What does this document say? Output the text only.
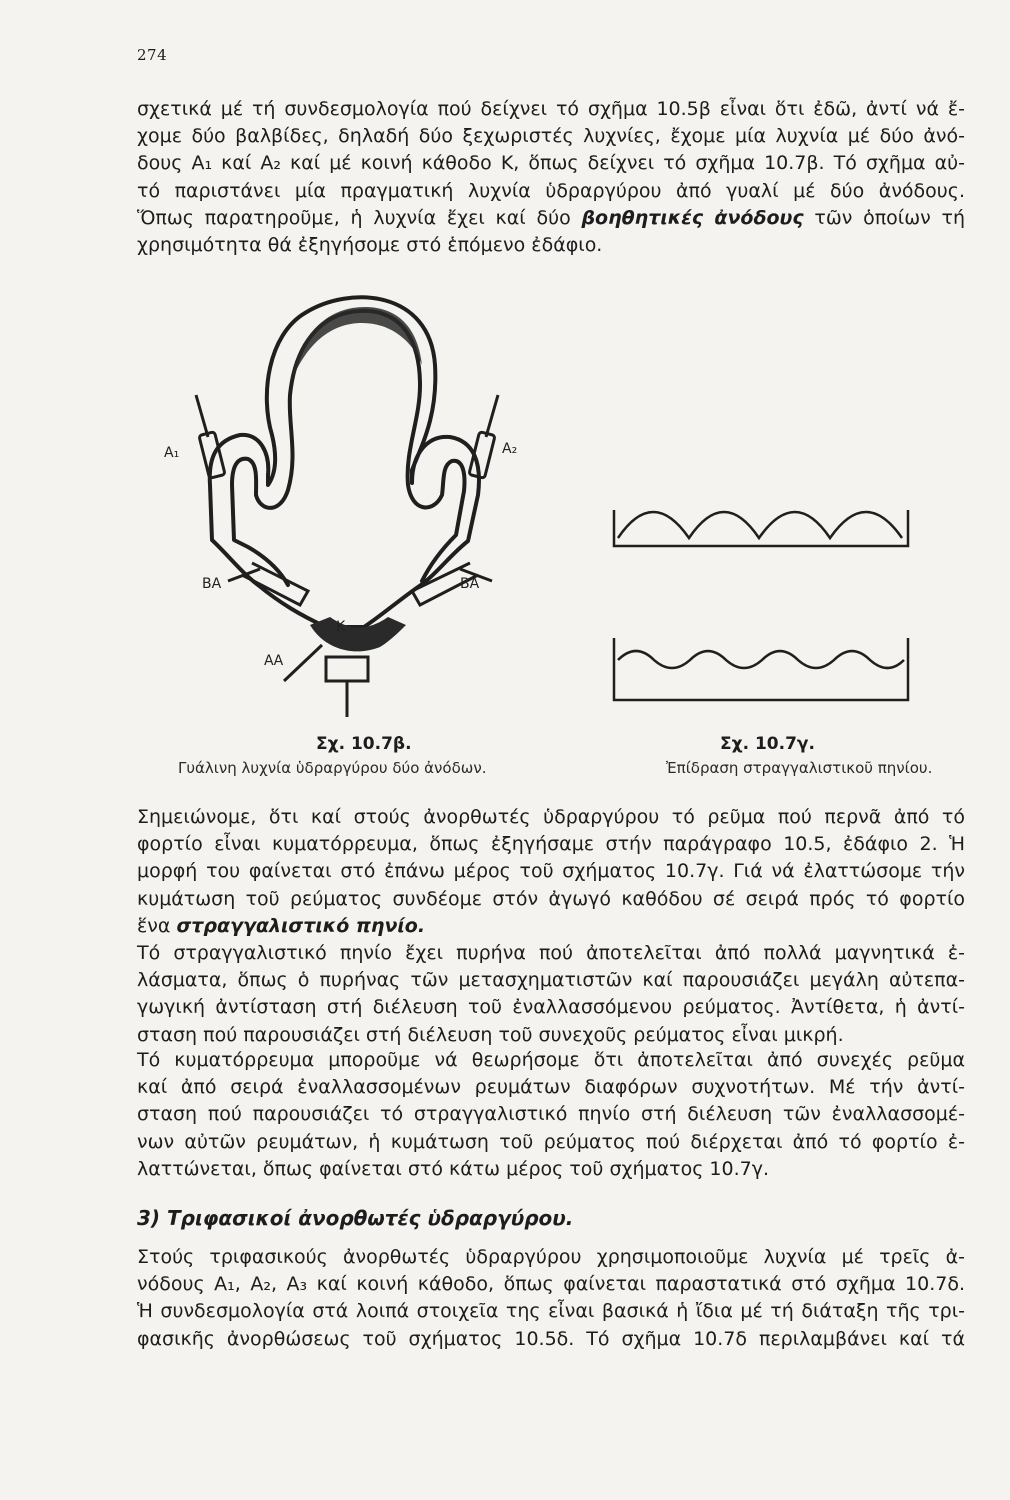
274
σχετικά μέ τή συνδεσμολογία πού δείχνει τό σχῆμα 10.5β εἶναι ὅτι ἐδῶ, ἀντί νά ἔ-
χομε δύο βαλβίδες, δηλαδή δύο ξεχωριστές λυχνίες, ἔχομε μία λυχνία μέ δύο ἀνό-
δους Α₁ καί Α₂ καί μέ κοινή κάθοδο Κ, ὅπως δείχνει τό σχῆμα 10.7β. Τό σχῆμα αὐ-
τό παριστάνει μία πραγματική λυχνία ὑδραργύρου ἀπό γυαλί μέ δύο ἀνόδους.
Ὅπως παρατηροῦμε, ἡ λυχνία ἔχει καί δύο βοηθητικές ἀνόδους τῶν ὁποίων τή
χρησιμότητα θά ἐξηγήσομε στό ἑπόμενο ἐδάφιο.
Α₁	Α₂
ΒΑ	ΒΑ
Κ
ΑΑ
Σχ. 10.7β.
Γυάλινη λυχνία ὑδραργύρου δύο ἀνόδων.
Σχ. 10.7γ.
Ἐπίδραση στραγγαλιστικοῦ πηνίου.
Σημειώνομε, ὅτι καί στούς ἀνορθωτές ὑδραργύρου τό ρεῦμα πού περνᾶ ἀπό τό
φορτίο εἶναι κυματόρρευμα, ὅπως ἐξηγήσαμε στήν παράγραφο 10.5, ἐδάφιο 2. Ἡ
μορφή του φαίνεται στό ἐπάνω μέρος τοῦ σχήματος 10.7γ. Γιά νά ἐλαττώσομε τήν
κυμάτωση τοῦ ρεύματος συνδέομε στόν ἀγωγό καθόδου σέ σειρά πρός τό φορτίο
ἕνα στραγγαλιστικό πηνίο.
Τό στραγγαλιστικό πηνίο ἔχει πυρήνα πού ἀποτελεῖται ἀπό πολλά μαγνητικά ἐ-
λάσματα, ὅπως ὁ πυρήνας τῶν μετασχηματιστῶν καί παρουσιάζει μεγάλη αὐτεπα-
γωγική ἀντίσταση στή διέλευση τοῦ ἐναλλασσόμενου ρεύματος. Ἀντίθετα, ἡ ἀντί-
σταση πού παρουσιάζει στή διέλευση τοῦ συνεχοῦς ρεύματος εἶναι μικρή.
Τό κυματόρρευμα μποροῦμε νά θεωρήσομε ὅτι ἀποτελεῖται ἀπό συνεχές ρεῦμα
καί ἀπό σειρά ἐναλλασσομένων ρευμάτων διαφόρων συχνοτήτων. Μέ τήν ἀντί-
σταση πού παρουσιάζει τό στραγγαλιστικό πηνίο στή διέλευση τῶν ἐναλλασσομέ-
νων αὐτῶν ρευμάτων, ἡ κυμάτωση τοῦ ρεύματος πού διέρχεται ἀπό τό φορτίο ἐ-
λαττώνεται, ὅπως φαίνεται στό κάτω μέρος τοῦ σχήματος 10.7γ.
3) Τριφασικοί ἀνορθωτές ὑδραργύρου.
Στούς τριφασικούς ἀνορθωτές ὑδραργύρου χρησιμοποιοῦμε λυχνία μέ τρεῖς ἀ-
νόδους Α₁, Α₂, Α₃ καί κοινή κάθοδο, ὅπως φαίνεται παραστατικά στό σχῆμα 10.7δ.
Ἡ συνδεσμολογία στά λοιπά στοιχεῖα της εἶναι βασικά ἡ ἴδια μέ τή διάταξη τῆς τρι-
φασικῆς ἀνορθώσεως τοῦ σχήματος 10.5δ. Τό σχῆμα 10.7δ περιλαμβάνει καί τά
